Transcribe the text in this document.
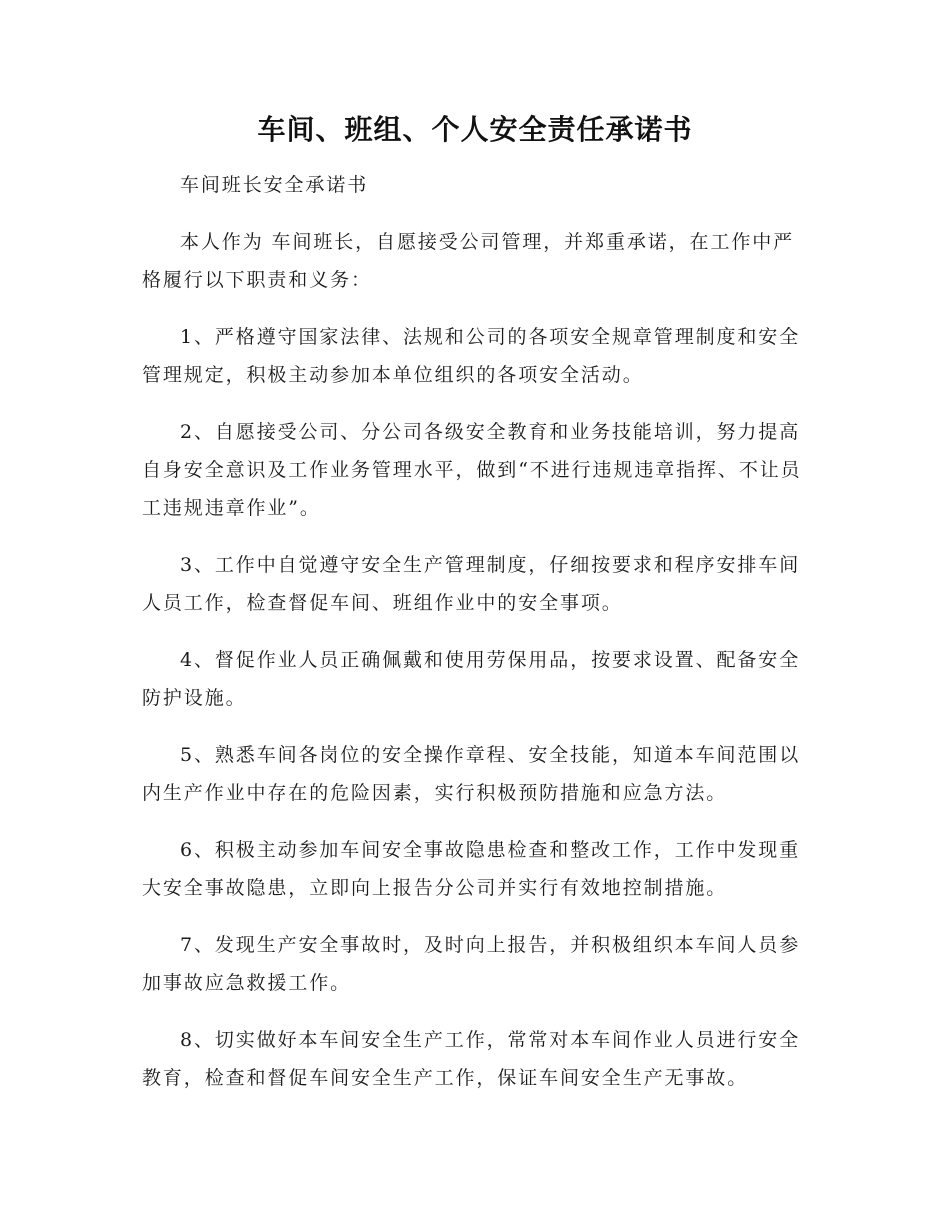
车间、班组、个人安全责任承诺书

车间班长安全承诺书

本人作为 车间班长，自愿接受公司管理，并郑重承诺，在工作中严格履行以下职责和义务：

1、严格遵守国家法律、法规和公司的各项安全规章管理制度和安全管理规定，积极主动参加本单位组织的各项安全活动。

2、自愿接受公司、分公司各级安全教育和业务技能培训，努力提高自身安全意识及工作业务管理水平，做到“不进行违规违章指挥、不让员工违规违章作业”。

3、工作中自觉遵守安全生产管理制度，仔细按要求和程序安排车间人员工作，检查督促车间、班组作业中的安全事项。

4、督促作业人员正确佩戴和使用劳保用品，按要求设置、配备安全防护设施。

5、熟悉车间各岗位的安全操作章程、安全技能，知道本车间范围以内生产作业中存在的危险因素，实行积极预防措施和应急方法。

6、积极主动参加车间安全事故隐患检查和整改工作，工作中发现重大安全事故隐患，立即向上报告分公司并实行有效地控制措施。

7、发现生产安全事故时，及时向上报告，并积极组织本车间人员参加事故应急救援工作。

8、切实做好本车间安全生产工作，常常对本车间作业人员进行安全教育，检查和督促车间安全生产工作，保证车间安全生产无事故。
